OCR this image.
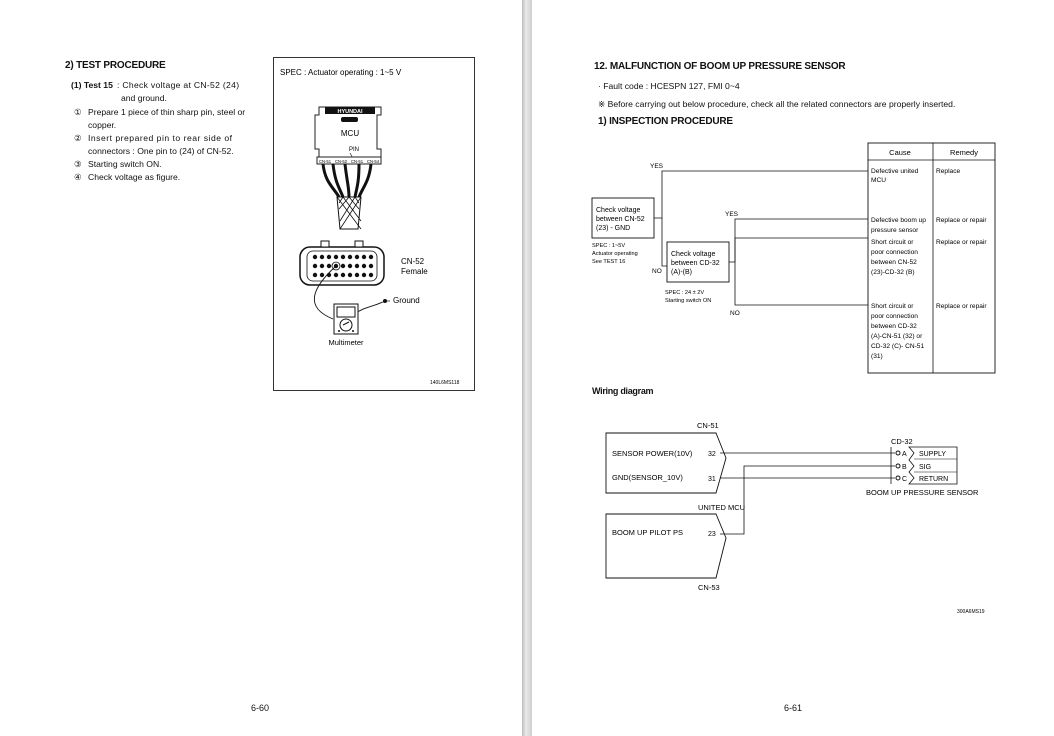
2) TEST PROCEDURE
(1) Test 15 : Check voltage at CN-52 (24)
and ground.
① Prepare 1 piece of thin sharp pin, steel or
copper.
② Insert prepared pin to rear side of
connectors : One pin to (24) of CN-52.
③ Starting switch ON.
④ Check voltage as figure.
SPEC : Actuator operating : 1~5 V
HYUNDAI
MCU
PIN
CN-51 CN-52 CN-51 CN-54
CN-52
Female
Ground
Multimeter
140L6MS118
6-60
12. MALFUNCTION OF BOOM UP PRESSURE SENSOR
· Fault code : HCESPN 127, FMI 0~4
※ Before carrying out below procedure, check all the related connectors are properly inserted.
1) INSPECTION PROCEDURE
Check voltage
between CN-52
(23) - GND
SPEC : 1~5V
Actuator operating
See TEST 16
YES
NO
Check voltage
between CD-32
(A)-(B)
SPEC : 24 ± 2V
Starting switch ON
YES
NO
Cause	Remedy
Defective united
MCU
Replace
Defective boom up
pressure sensor
Replace or repair
Short circuit or
poor connection
between CN-52
(23)-CD-32 (B)
Replace or repair
Short circuit or
poor connection
between CD-32
(A)-CN-51 (32) or
CD-32 (C)- CN-51
(31)
Replace or repair
Wiring diagram
CN-51
SENSOR POWER(10V)
GND(SENSOR_10V)
32
31
UNITED MCU
BOOM UP PILOT PS	23
CN-53
CD-32
A
B
C
SUPPLY
SIG
RETURN
BOOM UP PRESSURE SENSOR
300A6MS19
6-61
